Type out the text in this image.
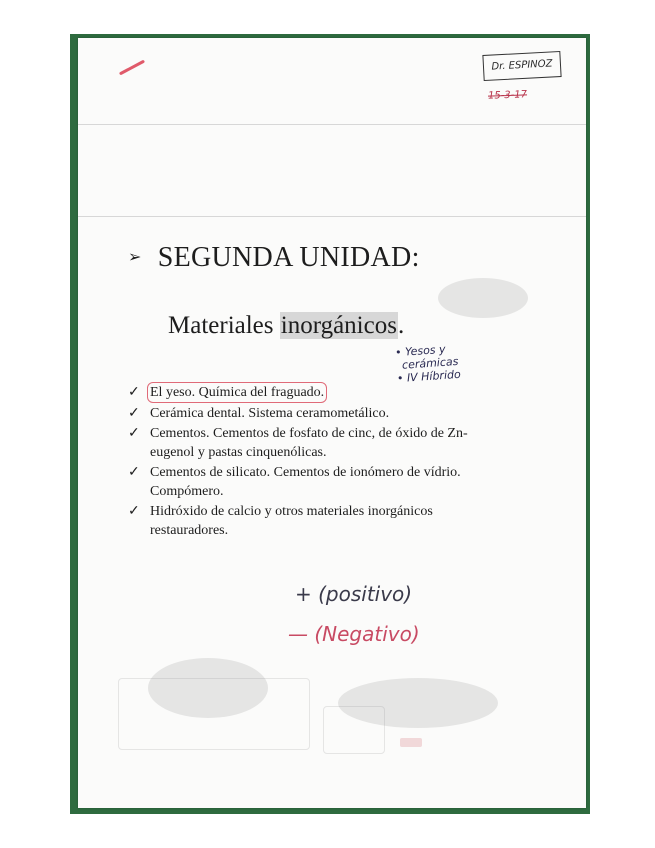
Dr. ESPINOZ
15-3-17
➢ SEGUNDA UNIDAD:
Materiales inorgánicos.
• Yesos y
cerámicas
• IV Híbrido
✓ El yeso. Química del fraguado.
✓ Cerámica dental. Sistema ceramometálico.
✓ Cementos. Cementos de fosfato de cinc, de óxido de Zn-eugenol y pastas cinquenólicas.
✓ Cementos de silicato. Cementos de ionómero de vídrio. Compómero.
✓ Hidróxido de calcio y otros materiales inorgánicos restauradores.
+ (positivo)
— (Negativo)
